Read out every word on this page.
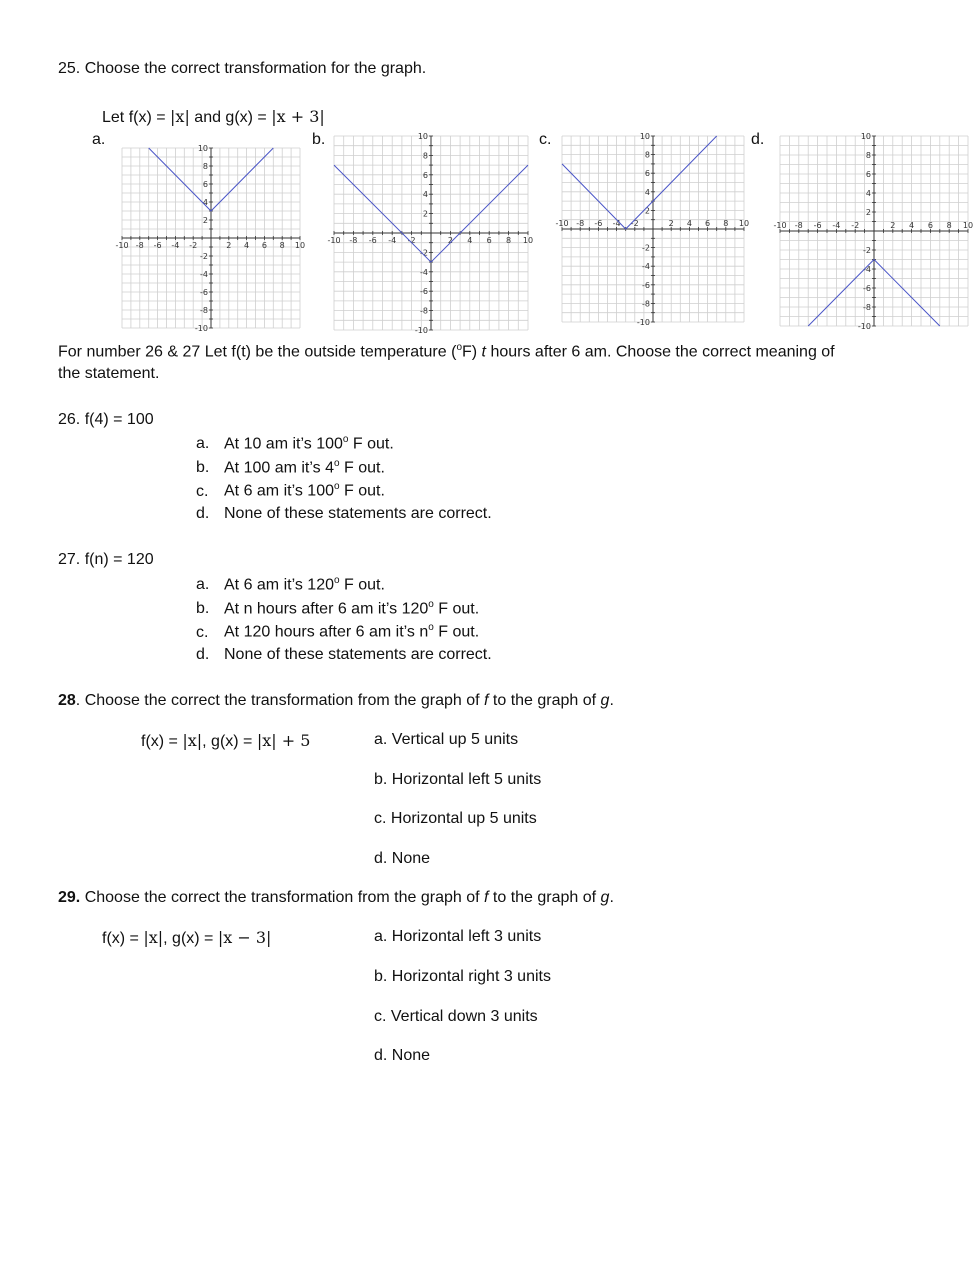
25. Choose the correct transformation for the graph.
Let f(x) = |x| and g(x) = |x + 3|
a.	b.	c.	d.
-10
-10
-8
-8
-6
-6
-4
-4
-2
-2
2
2
4
4
6
6
8
8
10
10
-10
-10
-8
-8
-6
-6
-4
-4
-2
-2
2
2
4
4
6
6
8
8
10
10
-10
-10
-8
-8
-6
-6
-4
-4
-2
-2
2
2
4
4
6
6
8
8
10
10
-10
-10
-8
-8
-6
-6
-4
-4
-2
-2
2
2
4
4
6
6
8
8
10
10
For number 26 & 27 Let f(t) be the outside temperature ($^o$F) t hours after 6 am. Choose the correct meaning of
the statement.
26. f(4) = 100
a. At 10 am it’s 100$^o$ F out.
b. At 100 am it’s 4$^o$ F out.
c. At 6 am it’s 100$^o$ F out.
d. None of these statements are correct.
27. f(n) = 120
a. At 6 am it’s 120$^o$ F out.
b. At n hours after 6 am it’s 120$^o$ F out.
c. At 120 hours after 6 am it’s $n^o$ F out.
d. None of these statements are correct.
28. Choose the correct the transformation from the graph of f to the graph of g.
f(x) = |x|, g(x) = |x| + 5	a. Vertical up 5 units
b. Horizontal left 5 units
c. Horizontal up 5 units
d. None
29. Choose the correct the transformation from the graph of f to the graph of g.
f(x) = |x|, g(x) = |x − 3|	a. Horizontal left 3 units
b. Horizontal right 3 units
c. Vertical down 3 units
d. None
